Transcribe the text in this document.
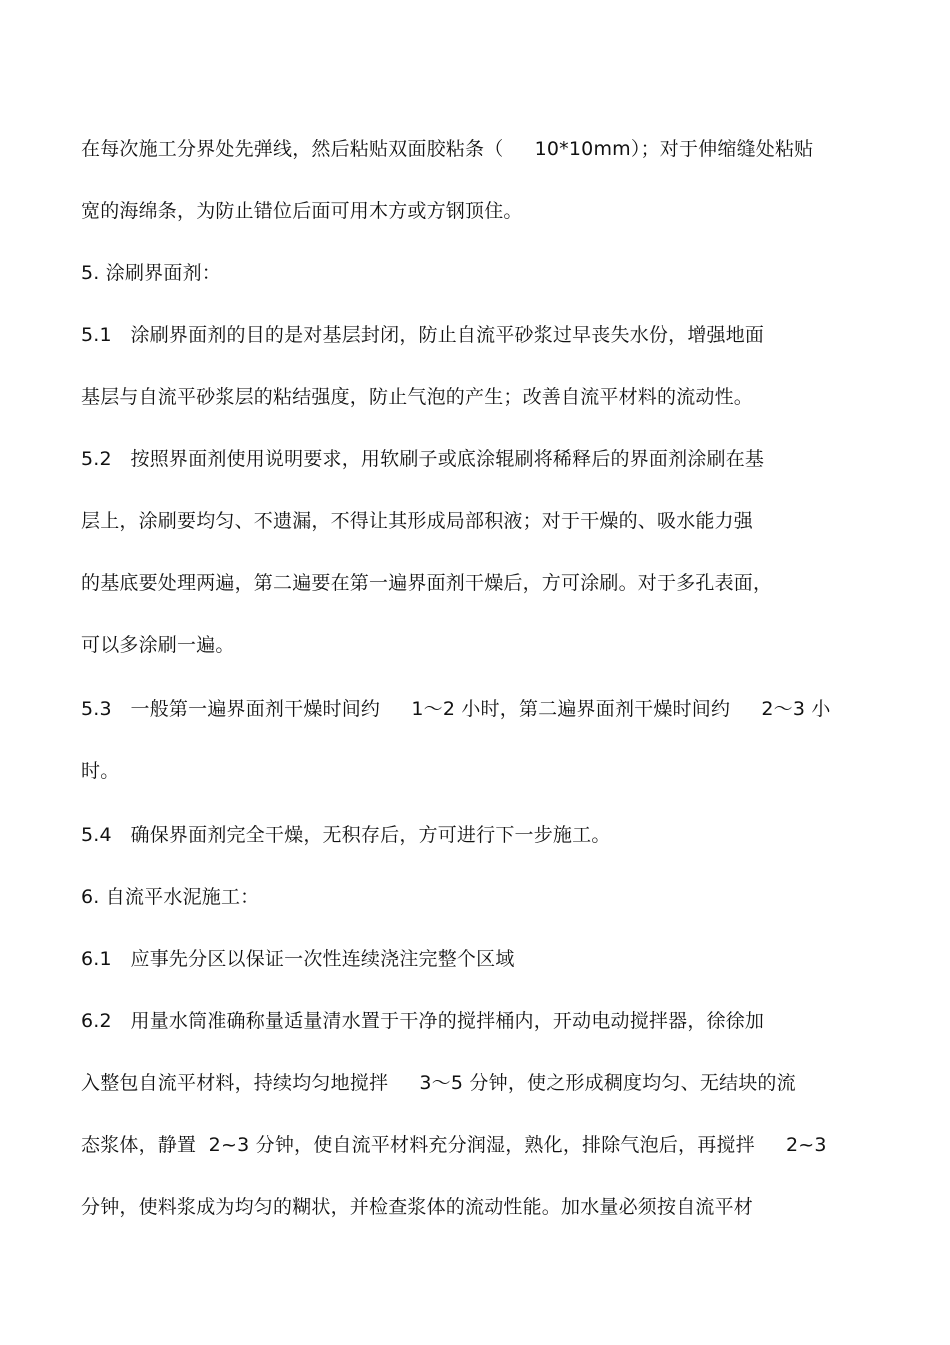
在每次施工分界处先弹线，然后粘贴双面胶粘条（     10*10mm）；对于伸缩缝处粘贴
宽的海绵条，为防止错位后面可用木方或方钢顶住。
5. 涂刷界面剂：
5.1   涂刷界面剂的目的是对基层封闭，防止自流平砂浆过早丧失水份，增强地面
基层与自流平砂浆层的粘结强度，防止气泡的产生；改善自流平材料的流动性。
5.2   按照界面剂使用说明要求，用软刷子或底涂辊刷将稀释后的界面剂涂刷在基
层上，涂刷要均匀、不遗漏，不得让其形成局部积液；对于干燥的、吸水能力强
的基底要处理两遍，第二遍要在第一遍界面剂干燥后，方可涂刷。对于多孔表面，
可以多涂刷一遍。
5.3   一般第一遍界面剂干燥时间约     1～2 小时，第二遍界面剂干燥时间约     2～3 小
时。
5.4   确保界面剂完全干燥，无积存后，方可进行下一步施工。
6. 自流平水泥施工：
6.1   应事先分区以保证一次性连续浇注完整个区域
6.2   用量水筒准确称量适量清水置于干净的搅拌桶内，开动电动搅拌器，徐徐加
入整包自流平材料，持续均匀地搅拌     3～5 分钟，使之形成稠度均匀、无结块的流
态浆体，静置  2~3 分钟，使自流平材料充分润湿，熟化，排除气泡后，再搅拌     2~3
分钟，使料浆成为均匀的糊状，并检查浆体的流动性能。加水量必须按自流平材
